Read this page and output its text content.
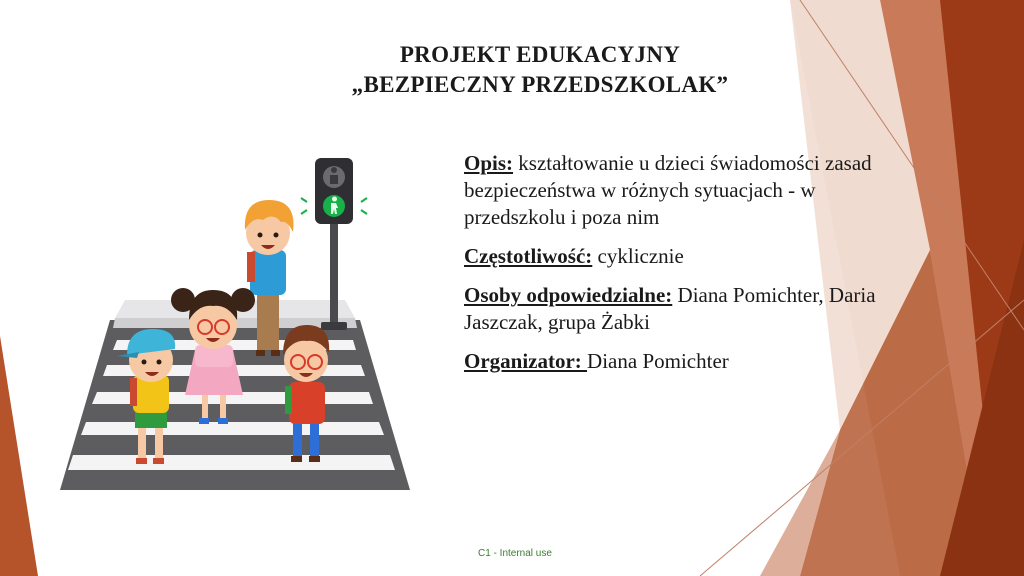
PROJEKT EDUKACYJNY
„BEZPIECZNY PRZEDSZKOLAK”

Opis: kształtowanie u dzieci świadomości zasad bezpieczeństwa w różnych sytuacjach - w przedszkolu i poza nim

Częstotliwość: cyklicznie

Osoby odpowiedzialne: Diana Pomichter, Daria Jaszczak, grupa Żabki

Organizator: Diana Pomichter

C1 - Internal use
